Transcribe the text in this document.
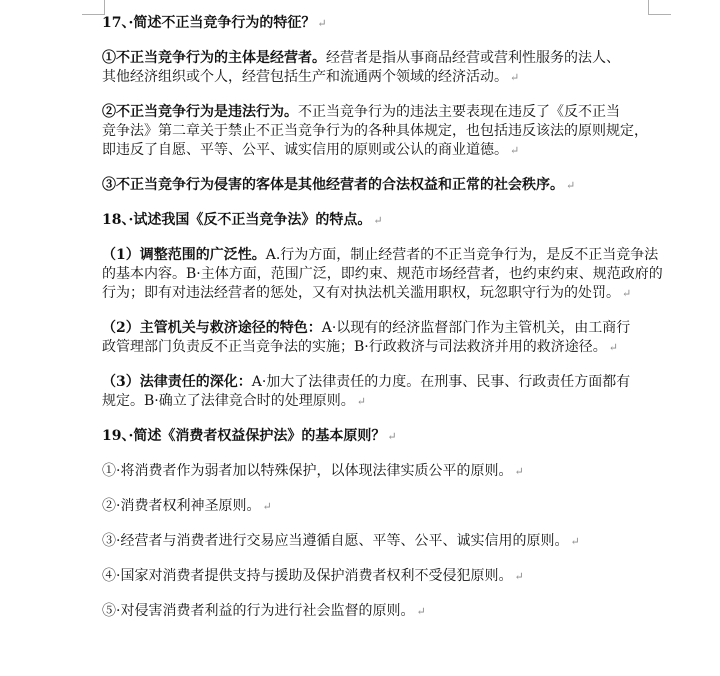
17、·简述不正当竞争行为的特征？ ↵
①不正当竞争行为的主体是经营者。经营者是指从事商品经营或营利性服务的法人、
其他经济组织或个人，经营包括生产和流通两个领域的经济活动。 ↵
②不正当竞争行为是违法行为。不正当竞争行为的违法主要表现在违反了《反不正当
竞争法》第二章关于禁止不正当竞争行为的各种具体规定，也包括违反该法的原则规定，
即违反了自愿、平等、公平、诚实信用的原则或公认的商业道德。 ↵
③不正当竞争行为侵害的客体是其他经营者的合法权益和正常的社会秩序。 ↵
18、·试述我国《反不正当竞争法》的特点。 ↵
（1）调整范围的广泛性。A.行为方面，制止经营者的不正当竞争行为，是反不正当竞争法
的基本内容。B·主体方面，范围广泛，即约束、规范市场经营者，也约束约束、规范政府的
行为；即有对违法经营者的惩处，又有对执法机关滥用职权，玩忽职守行为的处罚。 ↵
（2）主管机关与救济途径的特色：A·以现有的经济监督部门作为主管机关，由工商行
政管理部门负责反不正当竞争法的实施；B·行政救济与司法救济并用的救济途径。 ↵
（3）法律责任的深化：A·加大了法律责任的力度。在刑事、民事、行政责任方面都有
规定。B·确立了法律竞合时的处理原则。 ↵
19、·简述《消费者权益保护法》的基本原则？ ↵
①·将消费者作为弱者加以特殊保护，以体现法律实质公平的原则。 ↵
②·消费者权利神圣原则。 ↵
③·经营者与消费者进行交易应当遵循自愿、平等、公平、诚实信用的原则。 ↵
④·国家对消费者提供支持与援助及保护消费者权利不受侵犯原则。 ↵
⑤·对侵害消费者利益的行为进行社会监督的原则。 ↵
